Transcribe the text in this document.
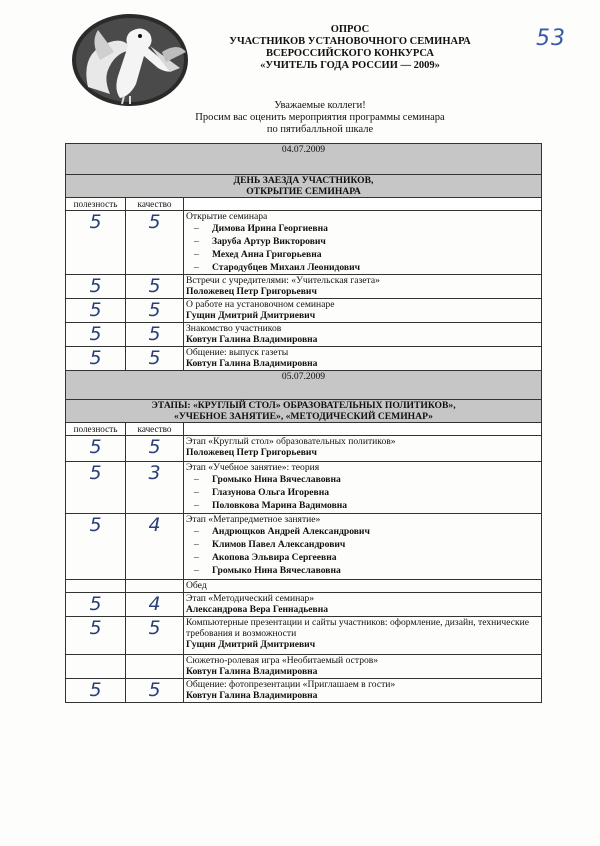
53
ОПРОС
УЧАСТНИКОВ УСТАНОВОЧНОГО СЕМИНАРА
ВСЕРОССИЙСКОГО КОНКУРСА
«УЧИТЕЛЬ ГОДА РОССИИ — 2009»
Уважаемые коллеги!
Просим вас оценить мероприятия программы семинара
по пятибалльной шкале
04.07.2009		

ДЕНЬ ЗАЕЗДА УЧАСТНИКОВ,
ОТКРЫТИЕ СЕМИНАРА		

полезность	качество	
5	5	Открытие семинара
– Димова Ирина Георгиевна
– Заруба Артур Викторович
– Мехед Анна Григорьевна
– Стародубцев Михаил Леонидович

5	5	Встречи с учредителями: «Учительская газета»
Положевец Петр Григорьевич

5	5	О работе на установочном семинаре
Гущин Дмитрий Дмитриевич

5	5	Знакомство участников
Ковтун Галина Владимировна

5	5	Общение: выпуск газеты
Ковтун Галина Владимировна

05.07.2009		

ЭТАПЫ: «КРУГЛЫЙ СТОЛ» ОБРАЗОВАТЕЛЬНЫХ ПОЛИТИКОВ»,
«УЧЕБНОЕ ЗАНЯТИЕ», «МЕТОДИЧЕСКИЙ СЕМИНАР»		

полезность	качество	
5	5	Этап «Круглый стол» образовательных политиков»
Положевец Петр Григорьевич

5	3	Этап «Учебное занятие»: теория
– Громыко Нина Вячеславовна
– Глазунова Ольга Игоревна
– Половкова Марина Вадимовна

5	4	Этап «Метапредметное занятие»
– Андрющков Андрей Александрович
– Климов Павел Александрович
– Акопова Эльвира Сергеевна
– Громыко Нина Вячеславовна

		Обед

5	4	Этап «Методический семинар»
Александрова Вера Геннадьевна

5	5	Компьютерные презентации и сайты участников: оформление, дизайн, технические требования и возможности
Гущин Дмитрий Дмитриевич

		Сюжетно-ролевая игра «Необитаемый остров»
Ковтун Галина Владимировна

5	5	Общение: фотопрезентации «Приглашаем в гости»
Ковтун Галина Владимировна
